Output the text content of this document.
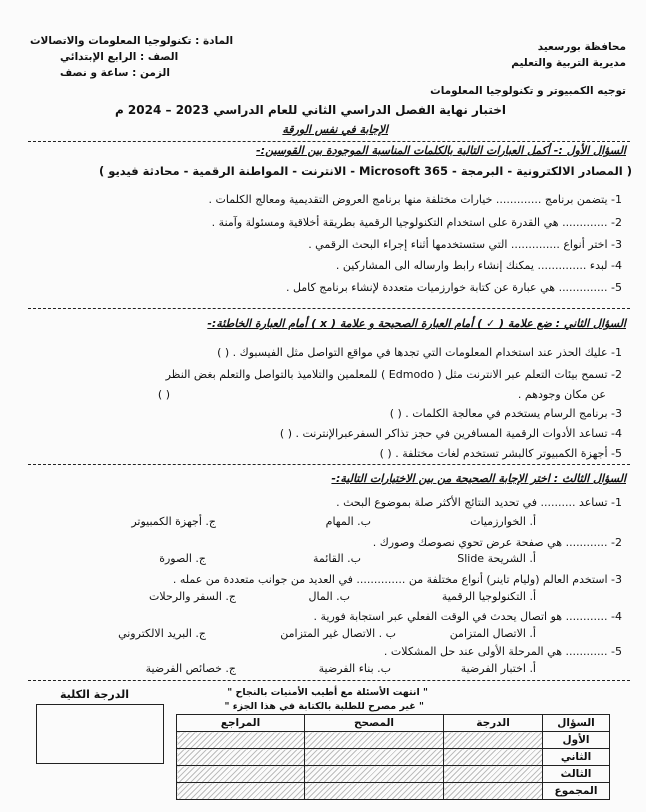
المادة : تكنولوجيا المعلومات والاتصالات
الصف : الرابع الإبتدائي
الزمن : ساعة و نصف
محافظة بورسعيد
مديرية التربية والتعليم
توجيه الكمبيوتر و تكنولوجيا المعلومات
اختبار نهاية الفصل الدراسي الثاني للعام الدراسي 2023 – 2024 م
الإجابة في نفس الورقة
السؤال الأول :- أكمل العبارات التالية بالكلمات المناسبة الموجودة بين القوسين:-
( المصادر الالكترونية - البرمجة - Microsoft 365 - الانترنت - المواطنة الرقمية - محادثة فيديو )
1- يتضمن برنامج ............. خيارات مختلفة منها برنامج العروض التقديمية ومعالج الكلمات .
2- ............. هي القدرة على استخدام التكنولوجيا الرقمية بطريقة أخلاقية ومسئولة وآمنة .
3- اختر أنواع .............. التي ستستخدمها أثناء إجراء البحث الرقمي .
4- لبدء .............. يمكنك إنشاء رابط وارساله الى المشاركين .
5- .............. هي عبارة عن كتابة خوارزميات متعددة لإنشاء برنامج كامل .
السؤال الثاني : ضع علامة ( ✓ ) أمام العبارة الصحيحة و علامة ( x ) أمام العبارة الخاطئة:-
1- عليك الحذر عند استخدام المعلومات التي تجدها في مواقع التواصل مثل الفيسبوك . ( )
2- تسمح بيئات التعلم عبر الانترنت مثل ( Edmodo ) للمعلمين والتلاميذ بالتواصل والتعلم بغض النظر
عن مكان وجودهم .
( )
3- برنامج الرسام يستخدم في معالجة الكلمات . ( )
4- تساعد الأدوات الرقمية المسافرين في حجز تذاكر السفرعبرالإنترنت . ( )
5- أجهزة الكمبيوتر كالبشر تستخدم لغات مختلفة . ( )
السؤال الثالث : اختر الإجابة الصحيحة من بين الاختيارات التالية:-
1- تساعد .......... في تحديد النتائج الأكثر صلة بموضوع البحث .
أ. الخوارزميات
ب. المهام
ج. أجهزة الكمبيوتر
2- ............ هي صفحة عرض تحوي نصوصك وصورك .
أ. الشريحة Slide
ب. القائمة
ج. الصورة
3- استخدم العالم (وليام تاينر) أنواع مختلفة من .............. في العديد من جوانب متعددة من عمله .
أ. التكنولوجيا الرقمية
ب. المال
ج. السفر والرحلات
4- ............ هو اتصال يحدث في الوقت الفعلي عبر استجابة فورية .
أ. الاتصال المتزامن
ب . الاتصال غير المتزامن
ج. البريد الالكتروني
5- ............ هي المرحلة الأولى عند حل المشكلات .
أ. اختبار الفرضية
ب. بناء الفرضية
ج. خصائص الفرضية
" انتهت الأسئلة مع أطيب الأمنيات بالنجاح "
" غير مصرح للطلبة بالكتابة في هذا الجزء "
الدرجة الكلية
السؤال	الدرجة	المصحح	المراجع
الأول			
الثاني			
الثالث			
المجموع			
